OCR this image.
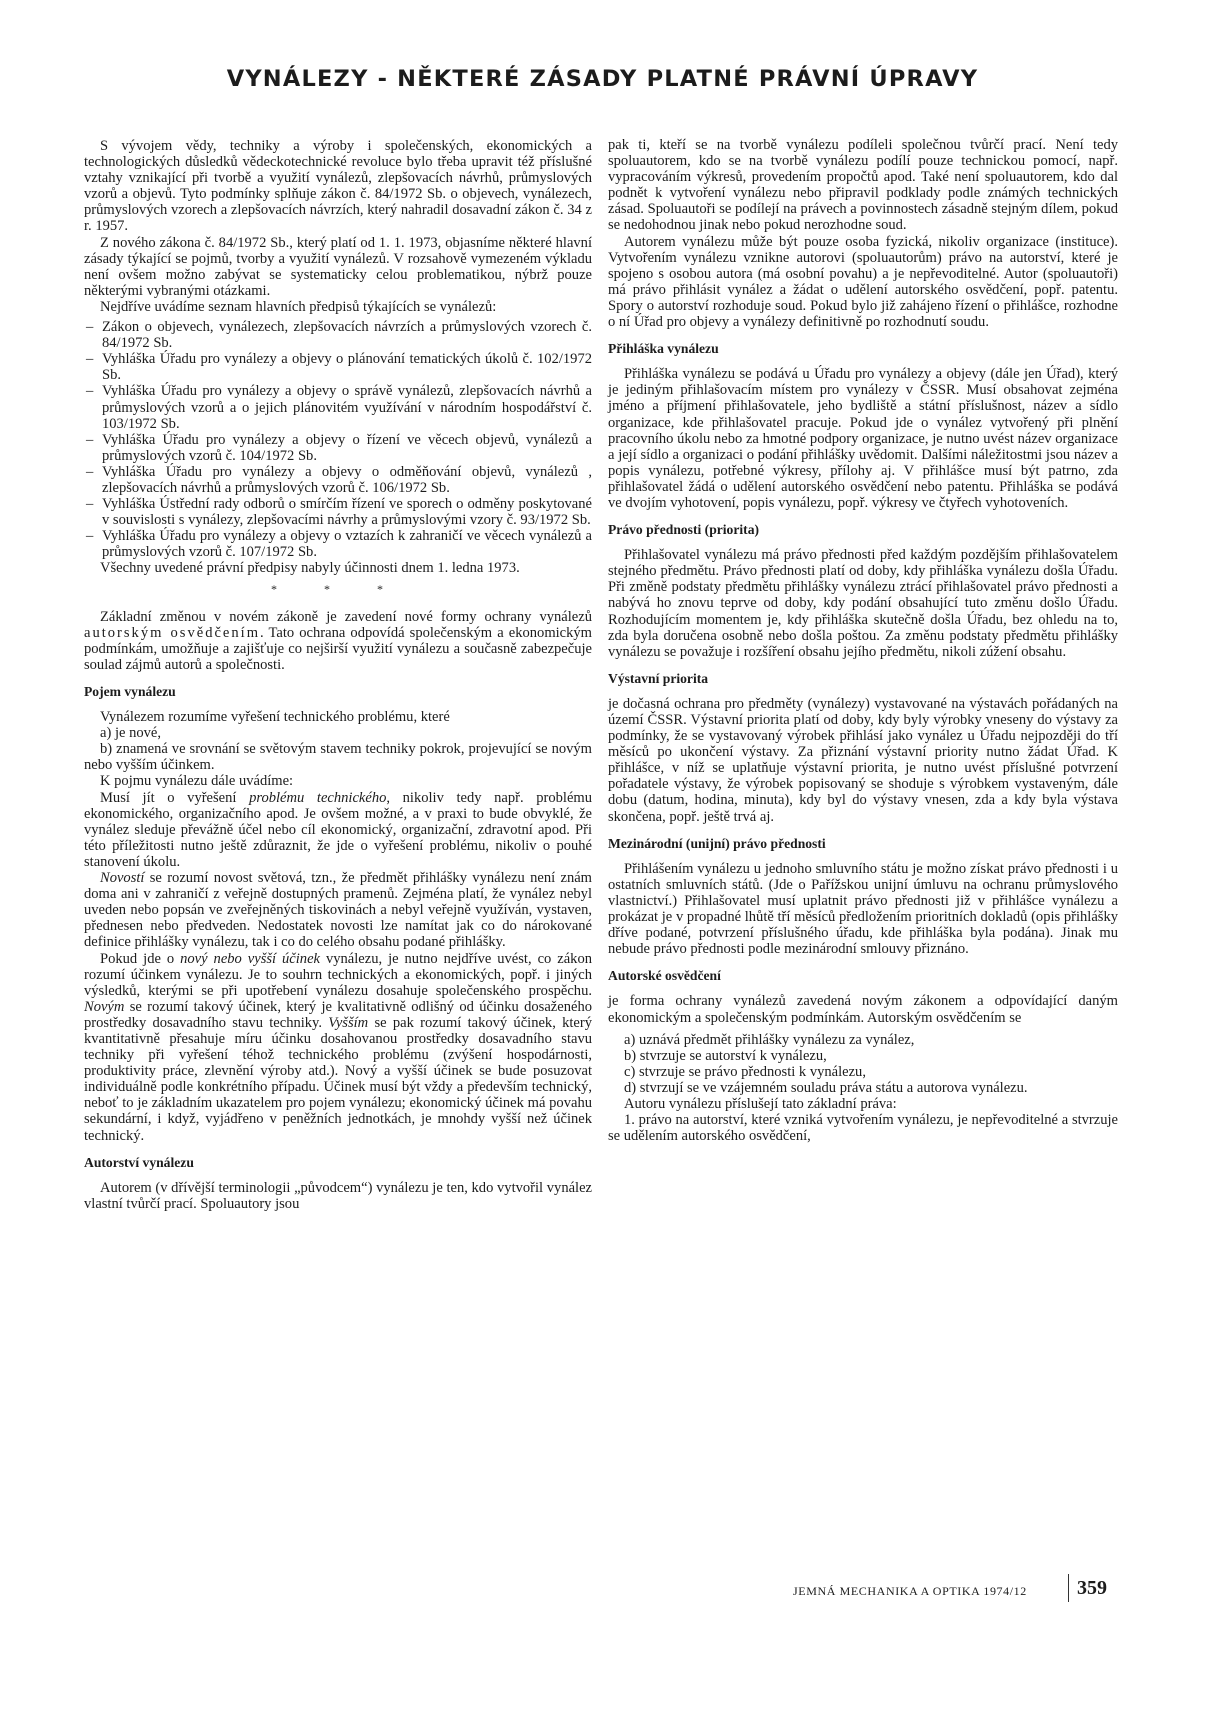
VYNÁLEZY - NĚKTERÉ ZÁSADY PLATNÉ PRÁVNÍ ÚPRAVY

S vývojem vědy, techniky a výroby i společenských, ekonomických a technologických důsledků vědeckotechnické revoluce bylo třeba upravit též příslušné vztahy vznikající při tvorbě a využití vynálezů, zlepšovacích návrhů, průmyslových vzorů a objevů. Tyto podmínky splňuje zákon č. 84/1972 Sb. o objevech, vynálezech, průmyslových vzorech a zlepšovacích návrzích, který nahradil dosavadní zákon č. 34 z r. 1957.

Z nového zákona č. 84/1972 Sb., který platí od 1. 1. 1973, objasníme některé hlavní zásady týkající se pojmů, tvorby a využití vynálezů. V rozsahově vymezeném výkladu není ovšem možno zabývat se systematicky celou problematikou, nýbrž pouze některými vybranými otázkami.

Nejdříve uvádíme seznam hlavních předpisů týkajících se vynálezů:

– Zákon o objevech, vynálezech, zlepšovacích návrzích a průmyslových vzorech č. 84/1972 Sb.
– Vyhláška Úřadu pro vynálezy a objevy o plánování tematických úkolů č. 102/1972 Sb.
– Vyhláška Úřadu pro vynálezy a objevy o správě vynálezů, zlepšovacích návrhů a průmyslových vzorů a o jejich plánovitém využívání v národním hospodářství č. 103/1972 Sb.
– Vyhláška Úřadu pro vynálezy a objevy o řízení ve věcech objevů, vynálezů a průmyslových vzorů č. 104/1972 Sb.
– Vyhláška Úřadu pro vynálezy a objevy o odměňování objevů, vynálezů , zlepšovacích návrhů a průmyslových vzorů č. 106/1972 Sb.
– Vyhláška Ústřední rady odborů o smírčím řízení ve sporech o odměny poskytované v souvislosti s vynálezy, zlepšovacími návrhy a průmyslovými vzory č. 93/1972 Sb.
– Vyhláška Úřadu pro vynálezy a objevy o vztazích k zahraničí ve věcech vynálezů a průmyslových vzorů č. 107/1972 Sb.

Všechny uvedené právní předpisy nabyly účinnosti dnem 1. ledna 1973.

* * *

Základní změnou v novém zákoně je zavedení nové formy ochrany vynálezů autorským osvědčením. Tato ochrana odpovídá společenským a ekonomickým podmínkám, umožňuje a zajišťuje co nejširší využití vynálezu a současně zabezpečuje soulad zájmů autorů a společnosti.

Pojem vynálezu

Vynálezem rozumíme vyřešení technického problému, které

a) je nové,

b) znamená ve srovnání se světovým stavem techniky pokrok, projevující se novým nebo vyšším účinkem.

K pojmu vynálezu dále uvádíme:

Musí jít o vyřešení problému technického, nikoliv tedy např. problému ekonomického, organizačního apod. Je ovšem možné, a v praxi to bude obvyklé, že vynález sleduje převážně účel nebo cíl ekonomický, organizační, zdravotní apod. Při této příležitosti nutno ještě zdůraznit, že jde o vyřešení problému, nikoliv o pouhé stanovení úkolu.

Novostí se rozumí novost světová, tzn., že předmět přihlášky vynálezu není znám doma ani v zahraničí z veřejně dostupných pramenů. Zejména platí, že vynález nebyl uveden nebo popsán ve zveřejněných tiskovinách a nebyl veřejně využíván, vystaven, přednesen nebo předveden. Nedostatek novosti lze namítat jak co do nárokované definice přihlášky vynálezu, tak i co do celého obsahu podané přihlášky.

Pokud jde o nový nebo vyšší účinek vynálezu, je nutno nejdříve uvést, co zákon rozumí účinkem vynálezu. Je to souhrn technických a ekonomických, popř. i jiných výsledků, kterými se při upotřebení vynálezu dosahuje společenského prospěchu. Novým se rozumí takový účinek, který je kvalitativně odlišný od účinku dosaženého prostředky dosavadního stavu techniky. Vyšším se pak rozumí takový účinek, který kvantitativně přesahuje míru účinku dosahovanou prostředky dosavadního stavu techniky při vyřešení téhož technického problému (zvýšení hospodárnosti, produktivity práce, zlevnění výroby atd.). Nový a vyšší účinek se bude posuzovat individuálně podle konkrétního případu. Účinek musí být vždy a především technický, neboť to je základním ukazatelem pro pojem vynálezu; ekonomický účinek má povahu sekundární, i když, vyjádřeno v peněžních jednotkách, je mnohdy vyšší než účinek technický.

Autorství vynálezu

Autorem (v dřívější terminologii „původcem“) vynálezu je ten, kdo vytvořil vynález vlastní tvůrčí prací. Spoluautory jsou

pak ti, kteří se na tvorbě vynálezu podíleli společnou tvůrčí prací. Není tedy spoluautorem, kdo se na tvorbě vynálezu podílí pouze technickou pomocí, např. vypracováním výkresů, provedením propočtů apod. Také není spoluautorem, kdo dal podnět k vytvoření vynálezu nebo připravil podklady podle známých technických zásad. Spoluautoři se podílejí na právech a povinnostech zásadně stejným dílem, pokud se nedohodnou jinak nebo pokud nerozhodne soud.

Autorem vynálezu může být pouze osoba fyzická, nikoliv organizace (instituce). Vytvořením vynálezu vznikne autorovi (spoluautorům) právo na autorství, které je spojeno s osobou autora (má osobní povahu) a je nepřevoditelné. Autor (spoluautoři) má právo přihlásit vynález a žádat o udělení autorského osvědčení, popř. patentu. Spory o autorství rozhoduje soud. Pokud bylo již zahájeno řízení o přihlášce, rozhodne o ní Úřad pro objevy a vynálezy definitivně po rozhodnutí soudu.

Přihláška vynálezu

Přihláška vynálezu se podává u Úřadu pro vynálezy a objevy (dále jen Úřad), který je jediným přihlašovacím místem pro vynálezy v ČSSR. Musí obsahovat zejména jméno a příjmení přihlašovatele, jeho bydliště a státní příslušnost, název a sídlo organizace, kde přihlašovatel pracuje. Pokud jde o vynález vytvořený při plnění pracovního úkolu nebo za hmotné podpory organizace, je nutno uvést název organizace a její sídlo a organizaci o podání přihlášky uvědomit. Dalšími náležitostmi jsou název a popis vynálezu, potřebné výkresy, přílohy aj. V přihlášce musí být patrno, zda přihlašovatel žádá o udělení autorského osvědčení nebo patentu. Přihláška se podává ve dvojím vyhotovení, popis vynálezu, popř. výkresy ve čtyřech vyhotoveních.

Právo přednosti (priorita)

Přihlašovatel vynálezu má právo přednosti před každým pozdějším přihlašovatelem stejného předmětu. Právo přednosti platí od doby, kdy přihláška vynálezu došla Úřadu. Při změně podstaty předmětu přihlášky vynálezu ztrácí přihlašovatel právo přednosti a nabývá ho znovu teprve od doby, kdy podání obsahující tuto změnu došlo Úřadu. Rozhodujícím momentem je, kdy přihláška skutečně došla Úřadu, bez ohledu na to, zda byla doručena osobně nebo došla poštou. Za změnu podstaty předmětu přihlášky vynálezu se považuje i rozšíření obsahu jejího předmětu, nikoli zúžení obsahu.

Výstavní priorita

je dočasná ochrana pro předměty (vynálezy) vystavované na výstavách pořádaných na území ČSSR. Výstavní priorita platí od doby, kdy byly výrobky vneseny do výstavy za podmínky, že se vystavovaný výrobek přihlásí jako vynález u Úřadu nejpozději do tří měsíců po ukončení výstavy. Za přiznání výstavní priority nutno žádat Úřad. K přihlášce, v níž se uplatňuje výstavní priorita, je nutno uvést příslušné potvrzení pořadatele výstavy, že výrobek popisovaný se shoduje s výrobkem vystaveným, dále dobu (datum, hodina, minuta), kdy byl do výstavy vnesen, zda a kdy byla výstava skončena, popř. ještě trvá aj.

Mezinárodní (unijní) právo přednosti

Přihlášením vynálezu u jednoho smluvního státu je možno získat právo přednosti i u ostatních smluvních států. (Jde o Pařížskou unijní úmluvu na ochranu průmyslového vlastnictví.) Přihlašovatel musí uplatnit právo přednosti již v přihlášce vynálezu a prokázat je v propadné lhůtě tří měsíců předložením prioritních dokladů (opis přihlášky dříve podané, potvrzení příslušného úřadu, kde přihláška byla podána). Jinak mu nebude právo přednosti podle mezinárodní smlouvy přiznáno.

Autorské osvědčení

je forma ochrany vynálezů zavedená novým zákonem a odpovídající daným ekonomickým a společenským podmínkám. Autorským osvědčením se

a) uznává předmět přihlášky vynálezu za vynález,

b) stvrzuje se autorství k vynálezu,

c) stvrzuje se právo přednosti k vynálezu,

d) stvrzují se ve vzájemném souladu práva státu a autorova vynálezu.

Autoru vynálezu příslušejí tato základní práva:

1. právo na autorství, které vzniká vytvořením vynálezu, je nepřevoditelné a stvrzuje se udělením autorského osvědčení,

JEMNÁ MECHANIKA A OPTIKA 1974/12	359
